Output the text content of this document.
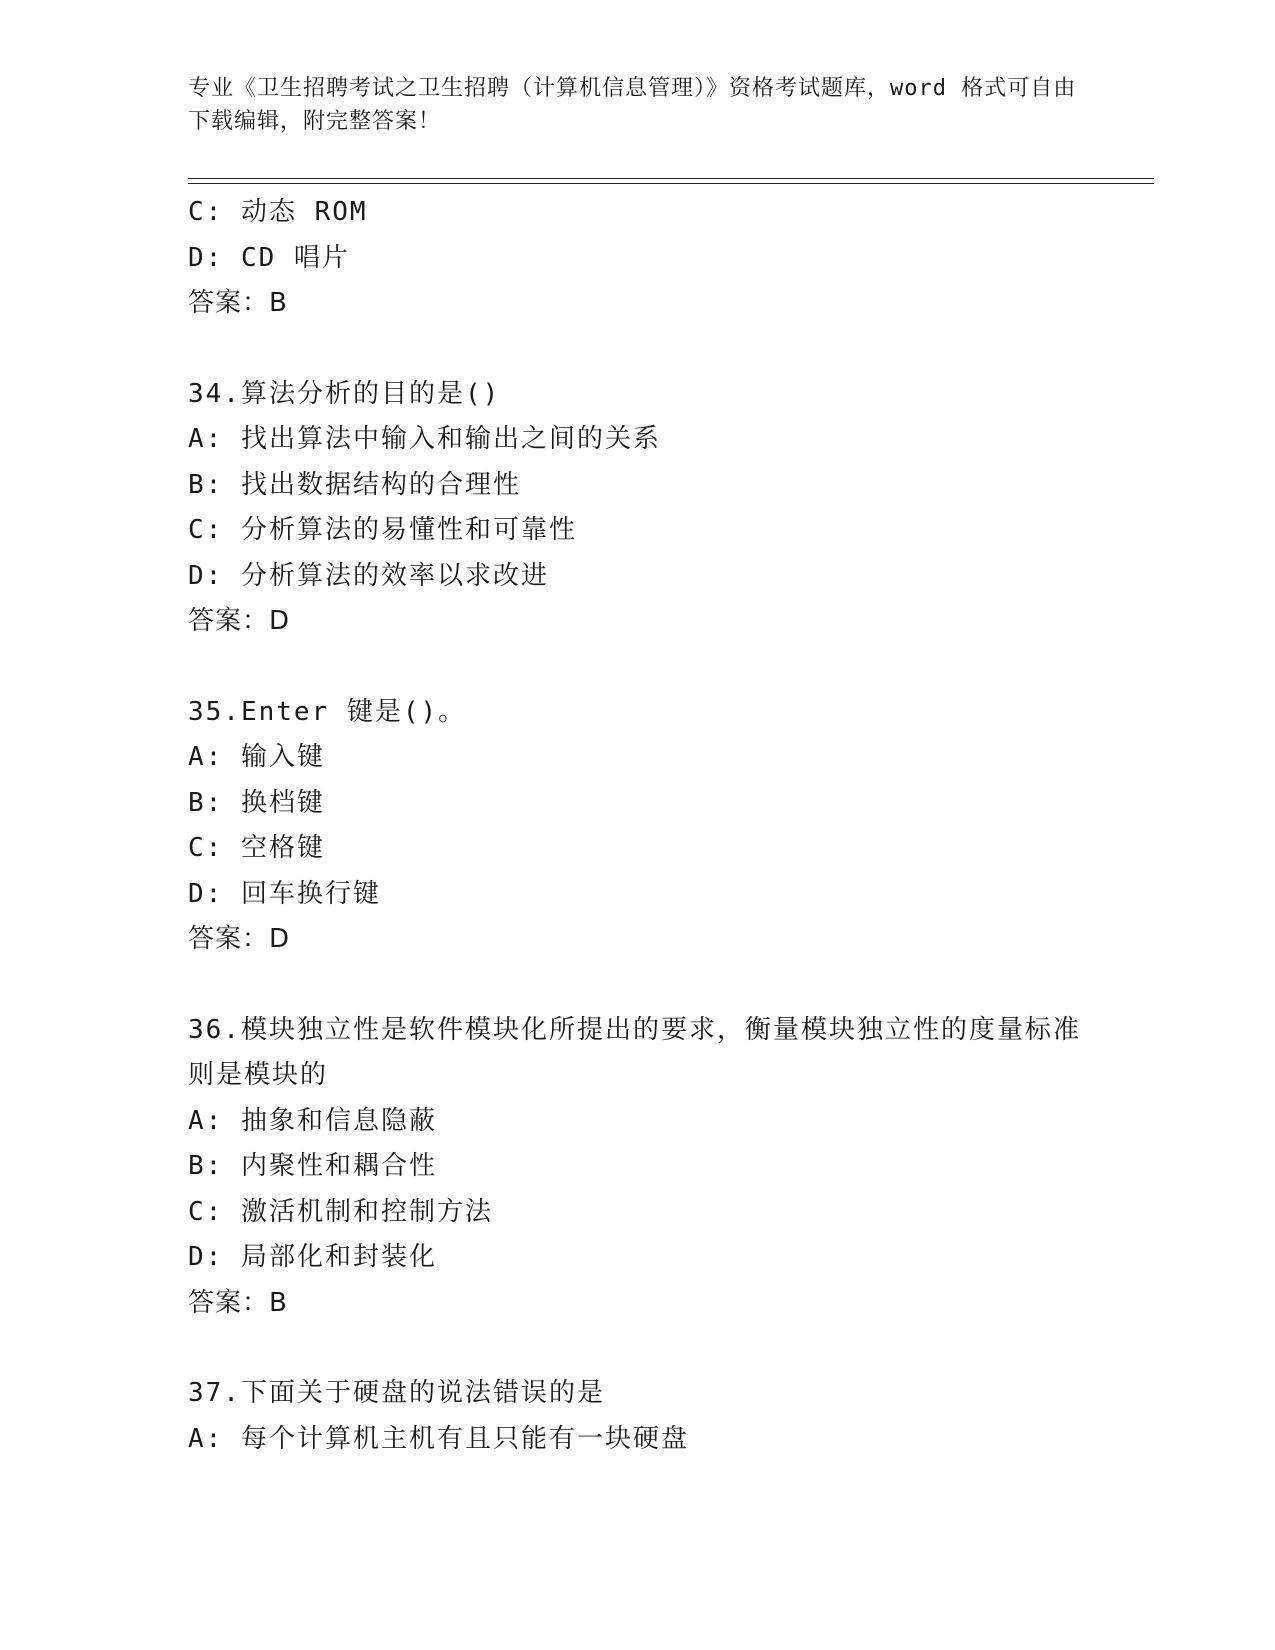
专业《卫生招聘考试之卫生招聘（计算机信息管理）》资格考试题库，word 格式可自由下载编辑，附完整答案！
C: 动态 ROM
D: CD 唱片
答案：B
34.算法分析的目的是()
A: 找出算法中输入和输出之间的关系
B: 找出数据结构的合理性
C: 分析算法的易懂性和可靠性
D: 分析算法的效率以求改进
答案：D
35.Enter 键是()。
A: 输入键
B: 换档键
C: 空格键
D: 回车换行键
答案：D
36.模块独立性是软件模块化所提出的要求，衡量模块独立性的度量标准则是模块的
A: 抽象和信息隐蔽
B: 内聚性和耦合性
C: 激活机制和控制方法
D: 局部化和封装化
答案：B
37.下面关于硬盘的说法错误的是
A: 每个计算机主机有且只能有一块硬盘
